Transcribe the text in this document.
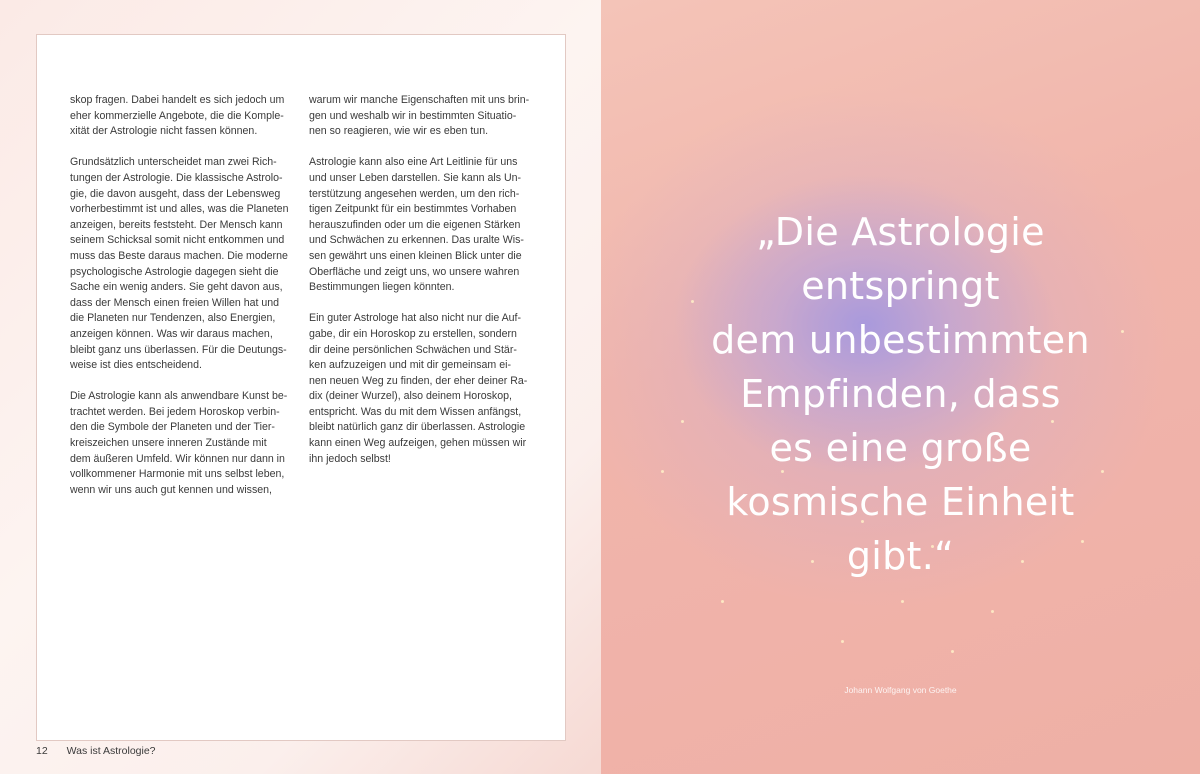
skop fragen. Dabei handelt es sich jedoch um
eher kommerzielle Angebote, die die Komple-
xität der Astrologie nicht fassen können.

Grundsätzlich unterscheidet man zwei Rich-
tungen der Astrologie. Die klassische Astrolo-
gie, die davon ausgeht, dass der Lebensweg
vorherbestimmt ist und alles, was die Planeten
anzeigen, bereits feststeht. Der Mensch kann
seinem Schicksal somit nicht entkommen und
muss das Beste daraus machen. Die moderne
psychologische Astrologie dagegen sieht die
Sache ein wenig anders. Sie geht davon aus,
dass der Mensch einen freien Willen hat und
die Planeten nur Tendenzen, also Energien,
anzeigen können. Was wir daraus machen,
bleibt ganz uns überlassen. Für die Deutungs-
weise ist dies entscheidend.

Die Astrologie kann als anwendbare Kunst be-
trachtet werden. Bei jedem Horoskop verbin-
den die Symbole der Planeten und der Tier-
kreiszeichen unsere inneren Zustände mit
dem äußeren Umfeld. Wir können nur dann in
vollkommener Harmonie mit uns selbst leben,
wenn wir uns auch gut kennen und wissen,

warum wir manche Eigenschaften mit uns brin-
gen und weshalb wir in bestimmten Situatio-
nen so reagieren, wie wir es eben tun.

Astrologie kann also eine Art Leitlinie für uns
und unser Leben darstellen. Sie kann als Un-
terstützung angesehen werden, um den rich-
tigen Zeitpunkt für ein bestimmtes Vorhaben
herauszufinden oder um die eigenen Stärken
und Schwächen zu erkennen. Das uralte Wis-
sen gewährt uns einen kleinen Blick unter die
Oberfläche und zeigt uns, wo unsere wahren
Bestimmungen liegen könnten.

Ein guter Astrologe hat also nicht nur die Auf-
gabe, dir ein Horoskop zu erstellen, sondern
dir deine persönlichen Schwächen und Stär-
ken aufzuzeigen und mit dir gemeinsam ei-
nen neuen Weg zu finden, der eher deiner Ra-
dix (deiner Wurzel), also deinem Horoskop,
entspricht. Was du mit dem Wissen anfängst,
bleibt natürlich ganz dir überlassen. Astrologie
kann einen Weg aufzeigen, gehen müssen wir
ihn jedoch selbst!

12 Was ist Astrologie?
„Die Astrologie
entspringt
dem unbestimmten
Empfinden, dass
es eine große
kosmische Einheit
gibt.“
Johann Wolfgang von Goethe
